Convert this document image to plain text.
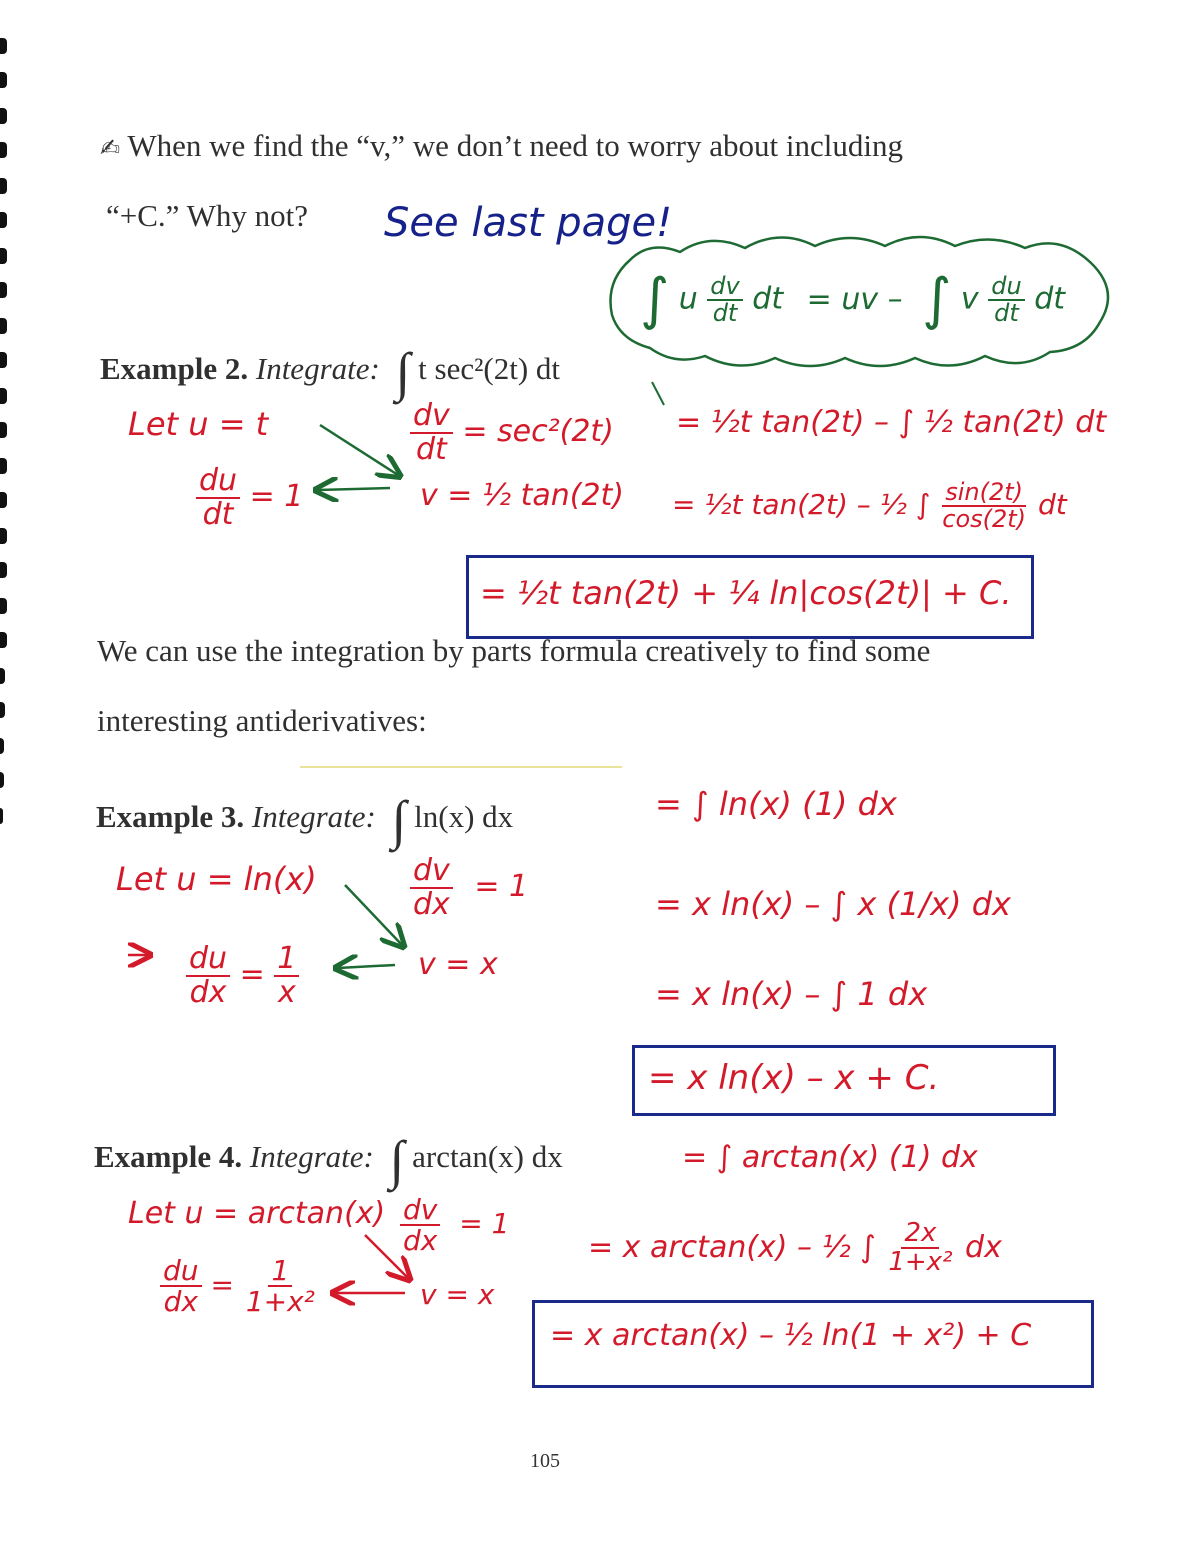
✍ When we find the “v,” we don’t need to worry about including
“+C.” Why not? See last page!
∫ u $\frac{dv}{dt}$ dt = uv – ∫ v $\frac{du}{dt}$ dt
Example 2. Integrate: ∫ t sec²(2t) dt
Let u = t
$\frac{du}{dt} = 1$
$\frac{dv}{dt} = \sec^2(2t)$
v = ½ tan(2t)
= ½t tan(2t) – ∫ ½ tan(2t) dt
= ½t tan(2t) – ½ ∫ $\frac{\sin(2t)}{\cos(2t)}$ dt
= ½t tan(2t) + ¼ ln|cos(2t)| + C.
We can use the integration by parts formula creatively to find some
interesting antiderivatives:
Example 3. Integrate: ∫ ln(x) dx
Let u = ln(x)	$\frac{dv}{dx} = 1$
$\frac{du}{dx} = \frac{1}{x}$	v = x
= ∫ ln(x) (1) dx
= x ln(x) – ∫ x (1/x) dx
= x ln(x) – ∫ 1 dx
= x ln(x) – x + C.
Example 4. Integrate: ∫ arctan(x) dx	= ∫ arctan(x) (1) dx
Let $u = \arctan(x) \frac{dv}{dx} = 1$
$\frac{du}{dx} = \frac{1}{\text{1+x²}}$	v = x
= x arctan(x) – ½ ∫ $\frac{2x}{\text{1+x²}}$ dx
= x arctan(x) – ½ ln(1 + x²) + C
105
